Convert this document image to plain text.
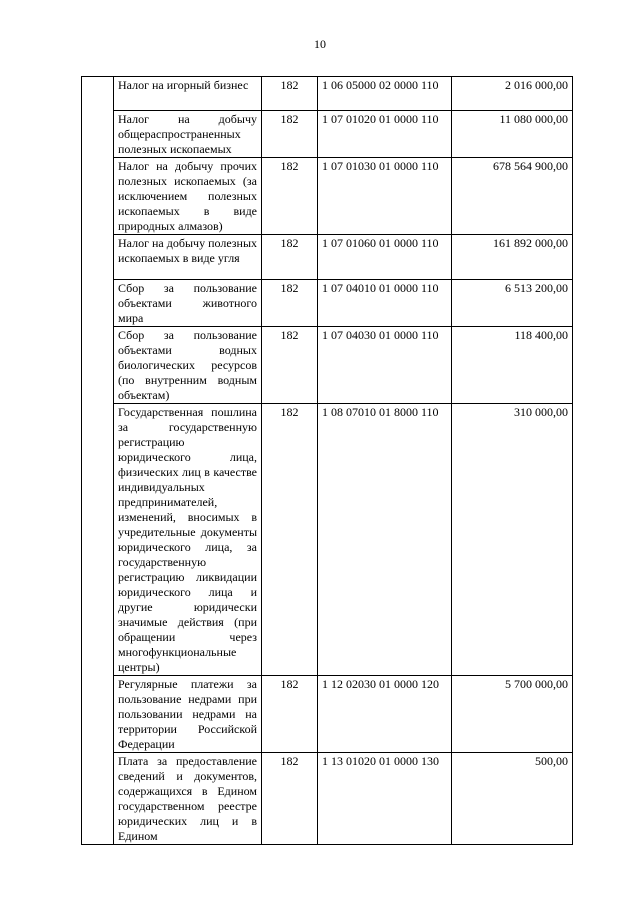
10
	Налог на игорный бизнес	182	1 06 05000 02 0000 110	2 016 000,00
	Налог на добычу общераспространенных полезных ископаемых	182	1 07 01020 01 0000 110	11 080 000,00
	Налог на добычу прочих полезных ископаемых (за исключением полезных ископаемых в виде природных алмазов)	182	1 07 01030 01 0000 110	678 564 900,00
	Налог на добычу полезных ископаемых в виде угля	182	1 07 01060 01 0000 110	161 892 000,00
	Сбор за пользование объектами животного мира	182	1 07 04010 01 0000 110	6 513 200,00
	Сбор за пользование объектами водных биологических ресурсов (по внутренним водным объектам)	182	1 07 04030 01 0000 110	118 400,00
	Государственная пошлина за государственную регистрацию юридического лица, физических лиц в качестве индивидуальных предпринимателей, изменений, вносимых в учредительные документы юридического лица, за государственную регистрацию ликвидации юридического лица и другие юридически значимые действия (при обращении через многофункциональные центры)	182	1 08 07010 01 8000 110	310 000,00
	Регулярные платежи за пользование недрами при пользовании недрами на территории Российской Федерации	182	1 12 02030 01 0000 120	5 700 000,00
	Плата за предоставление сведений и документов, содержащихся в Едином государственном реестре юридических лиц и в Едином	182	1 13 01020 01 0000 130	500,00
